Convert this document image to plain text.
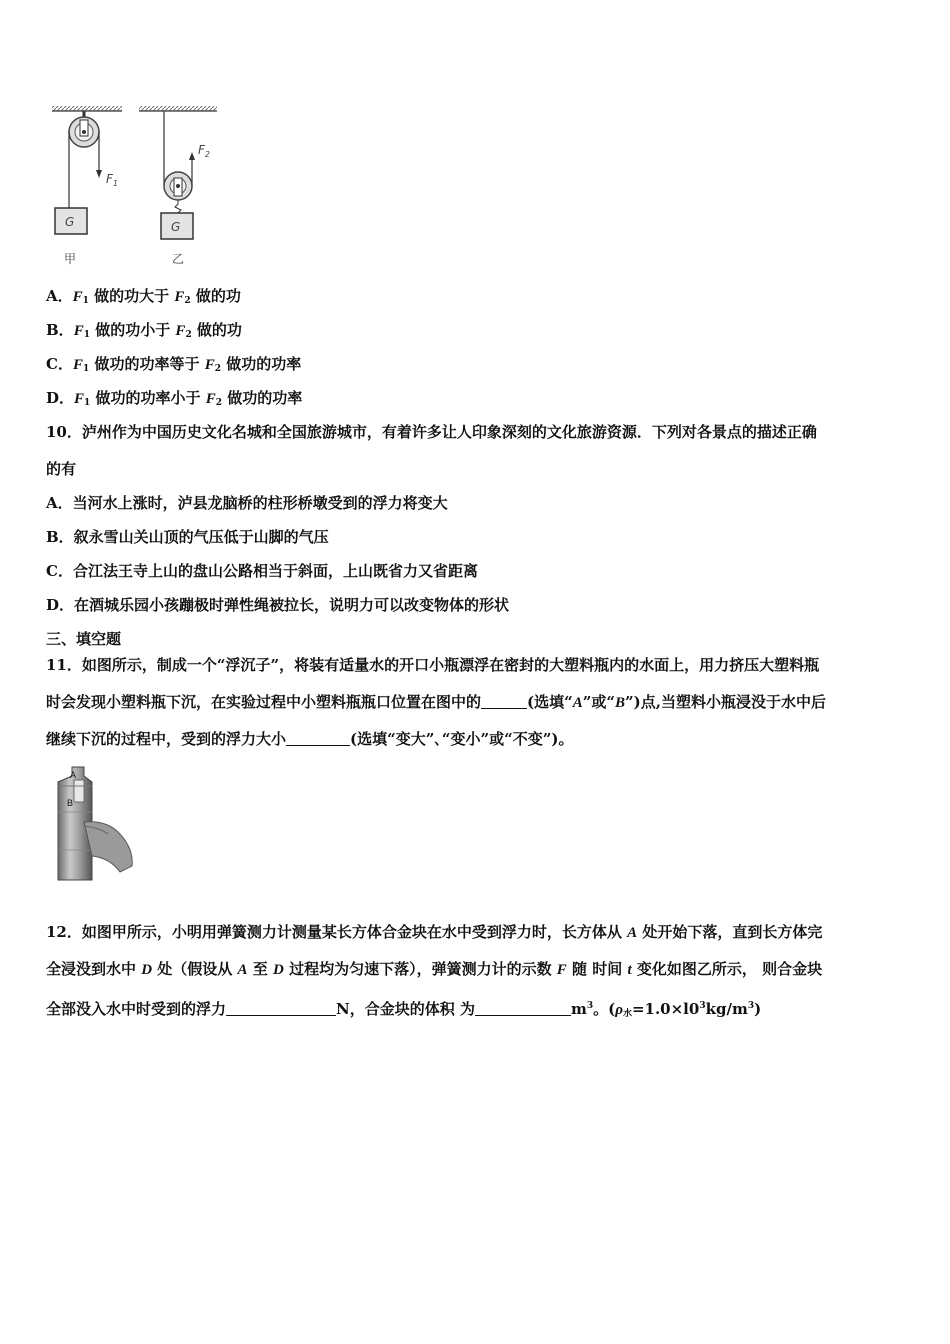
$F_1$
G
甲
$F_2$
G
乙
A．$F_1$ 做的功大于 $F_2$ 做的功
B．$F_1$ 做的功小于 $F_2$ 做的功
C．$F_1$ 做功的功率等于 $F_2$ 做功的功率
D．$F_1$ 做功的功率小于 $F_2$ 做功的功率
10．泸州作为中国历史文化名城和全国旅游城市，有着许多让人印象深刻的文化旅游资源．下列对各景点的描述正确
的有
A．当河水上涨时，泸县龙脑桥的柱形桥墩受到的浮力将变大
B．叙永雪山关山顶的气压低于山脚的气压
C．合江法王寺上山的盘山公路相当于斜面，上山既省力又省距离
D．在酒城乐园小孩蹦极时弹性绳被拉长，说明力可以改变物体的形状
三、填空题
11．如图所示，制成一个“浮沉子”，将装有适量水的开口小瓶漂浮在密封的大塑料瓶内的水面上，用力挤压大塑料瓶
时会发现小塑料瓶下沉，在实验过程中小塑料瓶瓶口位置在图中的	(选填“A”或“B”)点,当塑料小瓶浸没于水中后
继续下沉的过程中，受到的浮力大小	(选填“变大”､“变小”或“不变”)。
A
B
12．如图甲所示，小明用弹簧测力计测量某长方体合金块在水中受到浮力时，长方体从 A 处开始下落，直到长方体完
全浸没到水中 D 处（假设从 A 至 D 过程均为匀速下落），弹簧测力计的示数 F 随 时间 t 变化如图乙所示， 则合金块
全部没入水中时受到的浮力	N，合金块的体积 为	$m^3$。$(\rho_水=1.0\times l0^3kg/m^3)$
